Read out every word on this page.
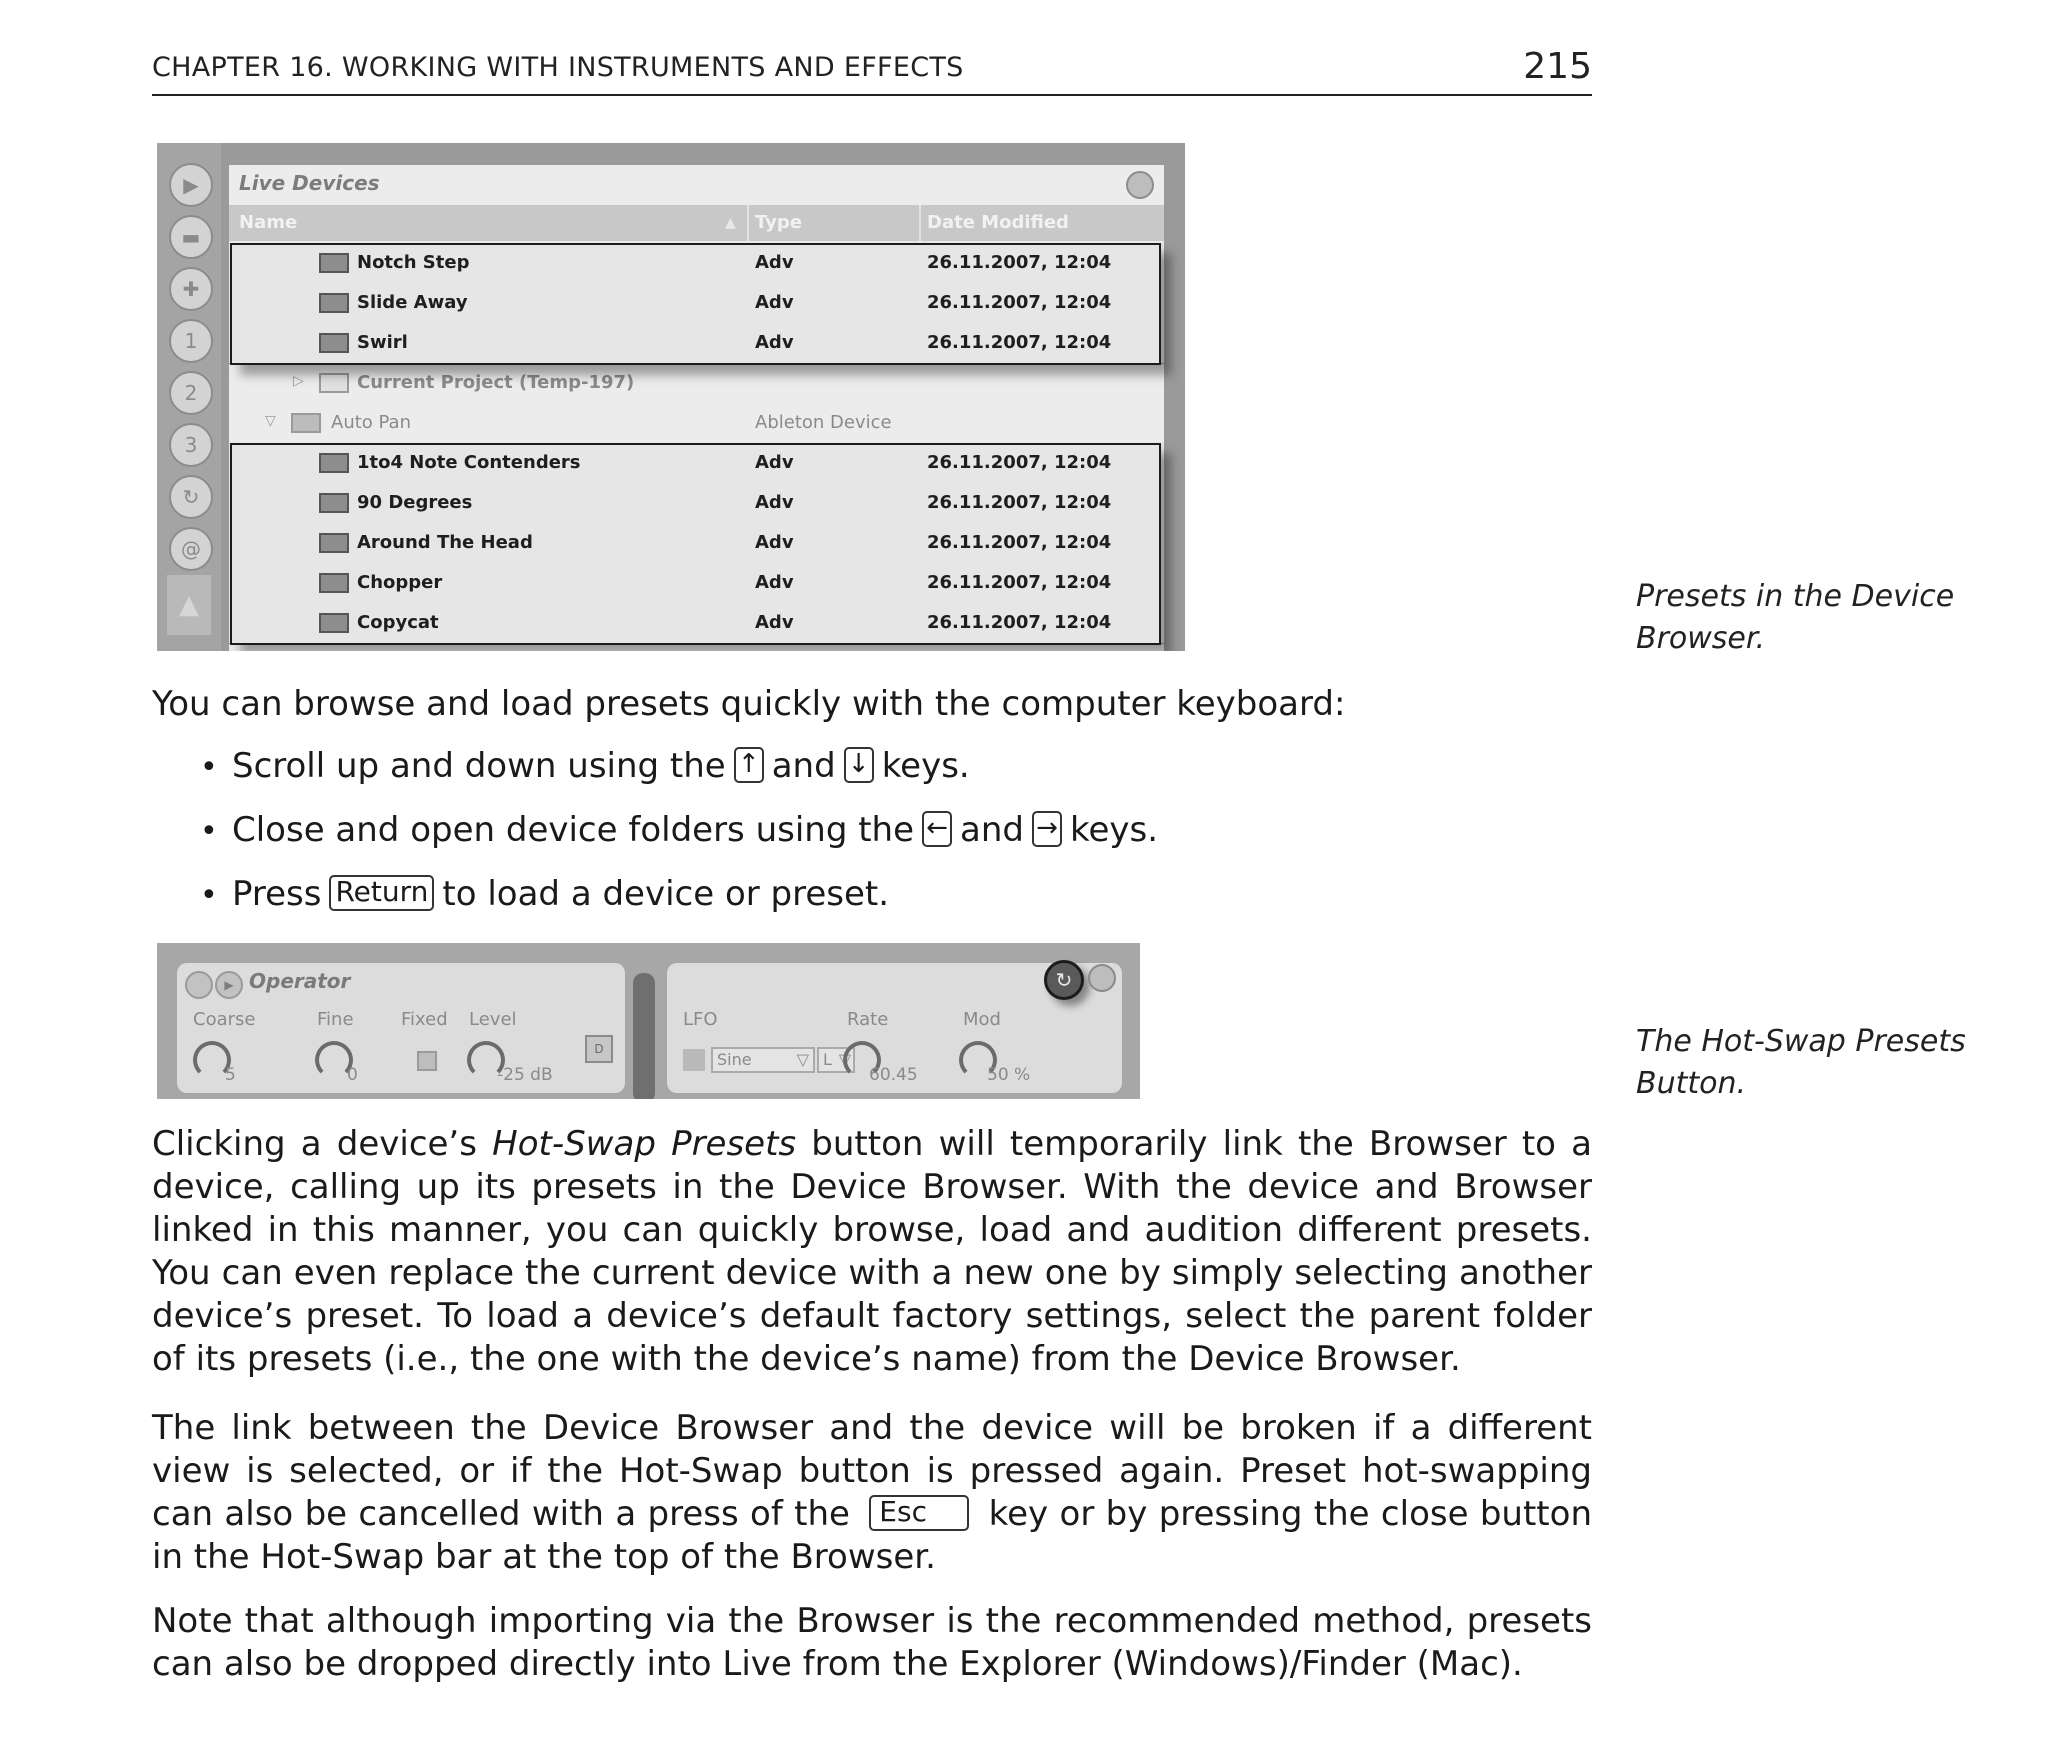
CHAPTER 16. WORKING WITH INSTRUMENTS AND EFFECTS	215
▶
▬
✚
1
2
3
↻
@
▲
Live Devices
Name	▲ Type	Date Modified
Notch Step	Adv	26.11.2007, 12:04
Slide Away	Adv	26.11.2007, 12:04
Swirl	Adv	26.11.2007, 12:04
▷	Current Project (Temp-197)
▽	Auto Pan	Ableton Device
1to4 Note Contenders	Adv	26.11.2007, 12:04
90 Degrees	Adv	26.11.2007, 12:04
Around The Head	Adv	26.11.2007, 12:04
Chopper	Adv	26.11.2007, 12:04
Copycat	Adv	26.11.2007, 12:04
Presets in the Device
Browser.
You can browse and load presets quickly with the computer keyboard:
• Scroll up and down using the ↑ and ↓ keys.
• Close and open device folders using the ← and → keys.
• Press Return to load a device or preset.
▶ Operator
Coarse
5
Fine
0
Fixed Level
-25 dB
D
LFO
Sine	▽ L ▽
Rate
60.45
Mod
50 %
↻
The Hot-Swap Presets
Button.

Clicking a device’s Hot-Swap Presets button will temporarily link the Browser to a device, calling up its presets in the Device Browser. With the device and Browser linked in this manner, you can quickly browse, load and audition different presets. You can even replace the current device with a new one by simply selecting another device’s preset. To load a device’s default factory settings, select the parent folder of its presets (i.e., the one with the device’s name) from the Device Browser.

The link between the Device Browser and the device will be broken if a different view is selected, or if the Hot-Swap button is pressed again. Preset hot-swapping can also be cancelled with a press of the Esc key or by pressing the close button in the Hot-Swap bar at the top of the Browser.

Note that although importing via the Browser is the recommended method, presets can also be dropped directly into Live from the Explorer (Windows)/Finder (Mac).
